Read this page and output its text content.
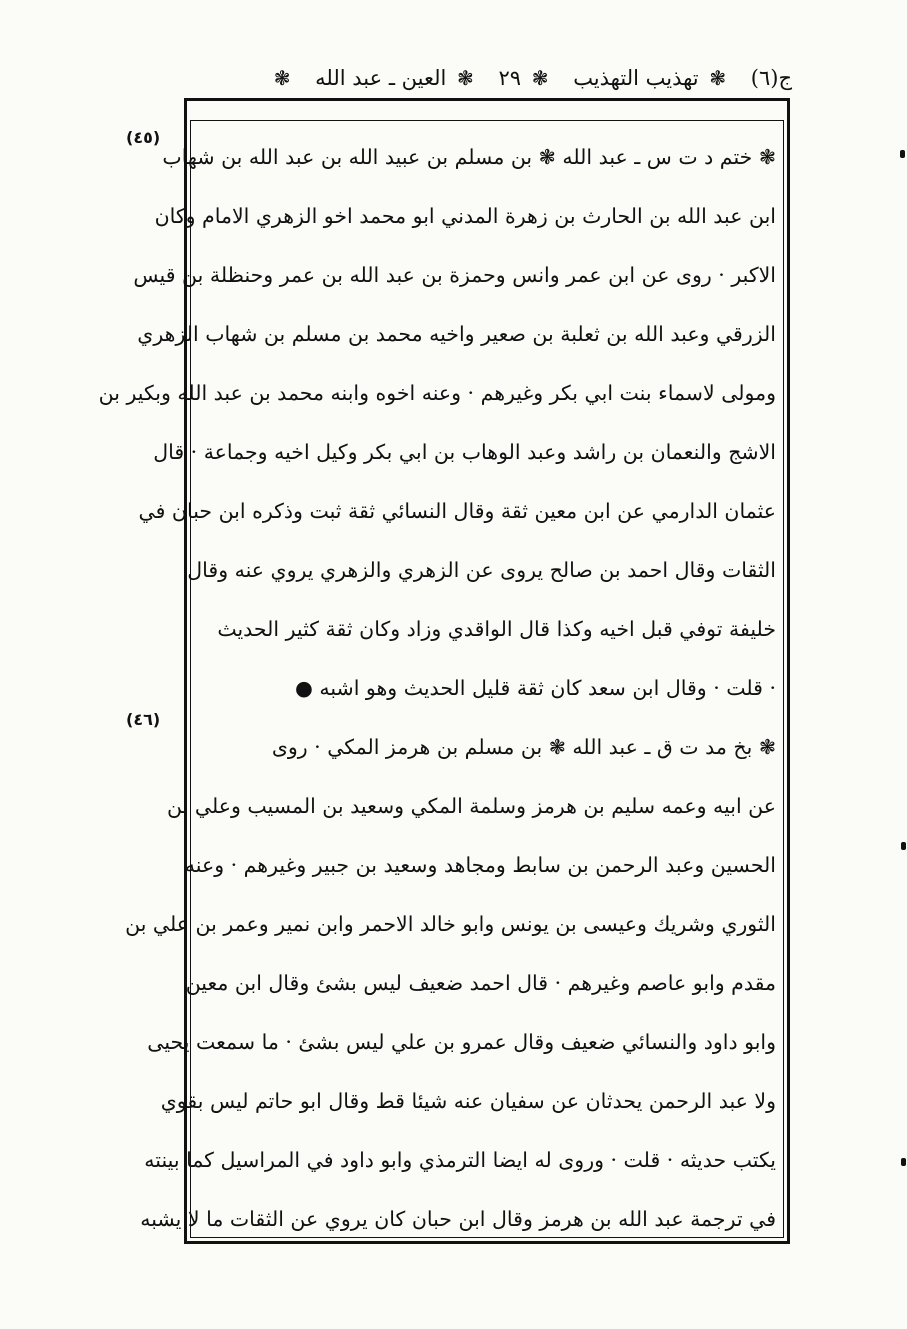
ج(٦) ❃ تهذيب التهذيب ❃ ٢٩ ❃ العين ـ عبد الله ❃
(٤٥)
(٤٦)
❃ ختم د ت س ـ عبد الله ❃ بن مسلم بن عبيد الله بن عبد الله بن شهاب
ابن عبد الله بن الحارث بن زهرة المدني ابو محمد اخو الزهري الامام وكان
الاكبر · روى عن ابن عمر وانس وحمزة بن عبد الله بن عمر وحنظلة بن قيس
الزرقي وعبد الله بن ثعلبة بن صعير واخيه محمد بن مسلم بن شهاب الزهري
ومولى لاسماء بنت ابي بكر وغيرهم · وعنه اخوه وابنه محمد بن عبد الله وبكير بن
الاشج والنعمان بن راشد وعبد الوهاب بن ابي بكر وكيل اخيه وجماعة · قال
عثمان الدارمي عن ابن معين ثقة وقال النسائي ثقة ثبت وذكره ابن حبان في
الثقات وقال احمد بن صالح يروى عن الزهري والزهري يروي عنه وقال
خليفة توفي قبل اخيه وكذا قال الواقدي وزاد وكان ثقة كثير الحديث
· قلت · وقال ابن سعد كان ثقة قليل الحديث وهو اشبه ●
❃ بخ مد ت ق ـ عبد الله ❃ بن مسلم بن هرمز المكي · روى
عن ابيه وعمه سليم بن هرمز وسلمة المكي وسعيد بن المسيب وعلي بن
الحسين وعبد الرحمن بن سابط ومجاهد وسعيد بن جبير وغيرهم · وعنه
الثوري وشريك وعيسى بن يونس وابو خالد الاحمر وابن نمير وعمر بن علي بن
مقدم وابو عاصم وغيرهم · قال احمد ضعيف ليس بشئ وقال ابن معين
وابو داود والنسائي ضعيف وقال عمرو بن علي ليس بشئ · ما سمعت يحيى
ولا عبد الرحمن يحدثان عن سفيان عنه شيئا قط وقال ابو حاتم ليس بقوي
يكتب حديثه · قلت · وروى له ايضا الترمذي وابو داود في المراسيل كما بينته
في ترجمة عبد الله بن هرمز وقال ابن حبان كان يروي عن الثقات ما لا يشبه
